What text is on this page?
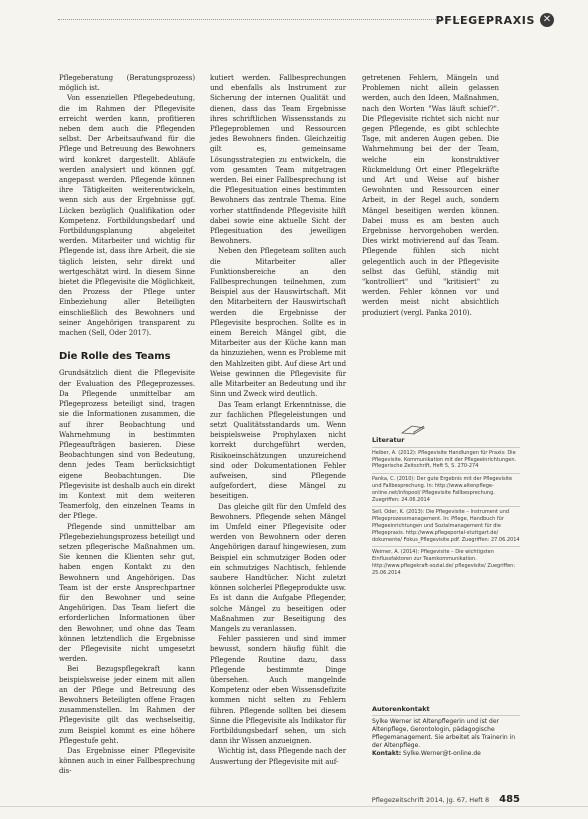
PFLEGEPRAXIS ✕

Pflegeberatung (Beratungsprozess) möglich ist.

Von essenziellen Pflegebedeutung, die im Rahmen der Pflegevisite erreicht werden kann, profitieren neben dem auch die Pflegenden selbst. Der Arbeitsaufwand für die Pflege und Betreuung des Bewohners wird konkret dargestellt. Abläufe werden analysiert und können ggf. angepasst werden. Pflegende können ihre Tätigkeiten weiterentwickeln, wenn sich aus der Ergebnisse ggf. Lücken bezüglich Qualifikation oder Kompetenz. Fortbildungsbedarf und Fortbildungsplanung abgeleitet werden. Mitarbeiter und wichtig für Pflegende ist, dass ihre Arbeit, die sie täglich leisten, sehr direkt und wertgeschätzt wird. In diesem Sinne bietet die Pflegevisite die Möglichkeit, den Prozess der Pflege unter Einbeziehung aller Beteiligten einschließlich des Bewohners und seiner Angehörigen transparent zu machen (Sell, Oder 2017).

Die Rolle des Teams

Grundsätzlich dient die Pflegevisite der Evaluation des Pflegeprozesses. Da Pflegende unmittelbar am Pflegeprozess beteiligt sind, tragen sie die Informationen zusammen, die auf ihrer Beobachtung und Wahrnehmung in bestimmten Pflegeaufträgen basieren. Diese Beobachtungen sind von Bedeutung, denn jedes Team berücksichtigt eigene Beobachtungen. Die Pflegevisite ist deshalb auch ein direkt im Kontext mit dem weiteren Teamerfolg, den einzelnen Teams in der Pflege.

Pflegende sind unmittelbar am Pflegebeziehungsprozess beteiligt und setzen pflegerische Maßnahmen um. Sie kennen die Klienten sehr gut, haben engen Kontakt zu den Bewohnern und Angehörigen. Das Team ist der erste Ansprechpartner für den Bewohner und seine Angehörigen. Das Team liefert die erforderlichen Informationen über den Bewohner, und ohne das Team können letztendlich die Ergebnisse der Pflegevisite nicht umgesetzt werden.

Bei Bezugspflegekraft kann beispielsweise jeder einem mit allen an der Pflege und Betreuung des Bewohners Beteiligten offene Fragen zusammenstellen. Im Rahmen der Pflegevisite gilt das wechselseitig, zum Beispiel kommt es eine höhere Pflegestufe geht.

Das Ergebnisse einer Pflegevisite können auch in einer Fallbesprechung dis-

kutiert werden. Fallbesprechungen und ebenfalls als Instrument zur Sicherung der internen Qualität und dienen, dass das Team Ergebnisse ihres schriftlichen Wissensstands zu Pflegeproblemen und Ressourcen jedes Bewohners finden. Gleichzeitig gilt es, gemeinsame Lösungsstrategien zu entwickeln, die vom gesamten Team mitgetragen werden. Bei einer Fallbesprechung ist die Pflegesituation eines bestimmten Bewohners das zentrale Thema. Eine vorher stattfindende Pflegevisite hilft dabei sowie eine aktuelle Sicht der Pflegesituation des jeweiligen Bewohners.

Neben den Pflegeteam sollten auch die Mitarbeiter aller Funktionsbereiche an den Fallbesprechungen teilnehmen, zum Beispiel aus der Hauswirtschaft. Mit den Mitarbeitern der Hauswirtschaft werden die Ergebnisse der Pflegevisite besprochen. Sollte es in einem Bereich Mängel gibt, die Mitarbeiter aus der Küche kann man da hinzuziehen, wenn es Probleme mit den Mahlzeiten gibt. Auf diese Art und Weise gewinnen die Pflegevisite für alle Mitarbeiter an Bedeutung und ihr Sinn und Zweck wird deutlich.

Das Team erlangt Erkenntnisse, die zur fachlichen Pflegeleistungen und setzt Qualitätsstandards um. Wenn beispielsweise Prophylaxen nicht korrekt durchgeführt werden, Risikoeinschätzungen unzureichend sind oder Dokumentationen Fehler aufweisen, sind Pflegende aufgefordert, diese Mängel zu beseitigen.

Das gleiche gilt für den Umfeld des Bewohners. Pflegende sehen Mängel im Umfeld einer Pflegevisite oder werden von Bewohnern oder deren Angehörigen darauf hingewiesen, zum Beispiel ein schmutziger Boden oder ein schmutziges Nachtisch, fehlende saubere Handtücher. Nicht zuletzt können solcherlei Pflegeprodukte usw. Es ist dann die Aufgabe Pflegender, solche Mängel zu beseitigen oder Maßnahmen zur Beseitigung des Mangels zu veranlassen.

Fehler passieren und sind immer bewusst, sondern häufig fühlt die Pflegende Routine dazu, dass Pflegende bestimmte Dinge übersehen. Auch mangelnde Kompetenz oder eben Wissensdefizite kommen nicht selten zu Fehlern führen. Pflegende sollten bei diesem Sinne die Pflegevisite als Indikator für Fortbildungsbedarf sehen, um sich dann ihr Wissen anzueignen.

Wichtig ist, dass Pflegende nach der Auswertung der Pflegevisite mit auf-

getretenen Fehlern, Mängeln und Problemen nicht allein gelassen werden, auch den Ideen, Maßnahmen, nach den Worten "Was läuft schief?". Die Pflegevisite richtet sich nicht nur gegen Pflegende, es gibt schlechte Tage, mit anderen Augen geben. Die Wahrnehmung bei der der Team, welche ein konstruktiver Rückmeldung Ort einer Pflegekräfte und Art und Weise auf bisher Gewohnten und Ressourcen einer Arbeit, in der Regel auch, sondern Mängel beseitigen werden können. Dabei muss es am besten auch Ergebnisse hervorgehoben werden. Dies wirkt motivierend auf das Team. Pflegende fühlen sich nicht gelegentlich auch in der Pflegevisite selbst das Gefühl, ständig mit "kontrolliert" und "kritisiert" zu werden. Fehler können vor und werden meist nicht absichtlich produziert (vergl. Panka 2010).

Literatur
Heiber, A. (2012): Pflegevisite Handlungen für Praxis: Die Pflegevisite. Kommunikation mit der Pflegeeinrichtungen. Pflegerische Zeitschrift, Heft 5, S. 270-274
Panka, C. (2010): Der gute Ergebnis mit der Pflegevisite und Fallbesprechung. In: http://www.altenpflege-online.net/infopool/ Pflegevisite Fallbesprechung. Zuegriffen: 24.06.2014
Sell, Oder, K. (2013): Die Pflegevisite – Instrument und Pflegeprozessmanagement. In: Pflege, Handbuch für Pflegeeinrichtungen und Sozialmanagement für die Pflegepraxis. http://www.pflegeportal-stuttgart.de/ dokumente/ Fokus_Pflegevisite.pdf. Zuegriffen: 27.06.2014
Weimer, A. (2014): Pflegevisite – Die wichtigsten Einflussfaktoren zur Teamkommunikation. http://www.pflegekraft-sozial.de/ pflegevisite/ Zuegriffen: 25.06.2014
Autorenkontakt
Sylke Werner ist Altenpflegerin und ist der Altenpflege, Gerontologin, pädagogische Pflegemanagement. Sie arbeitet als Trainerin in der Altenpflege.
Kontakt: Sylke.Werner@t-online.de
Pflegezeitschrift 2014, Jg. 67, Heft 8 485
